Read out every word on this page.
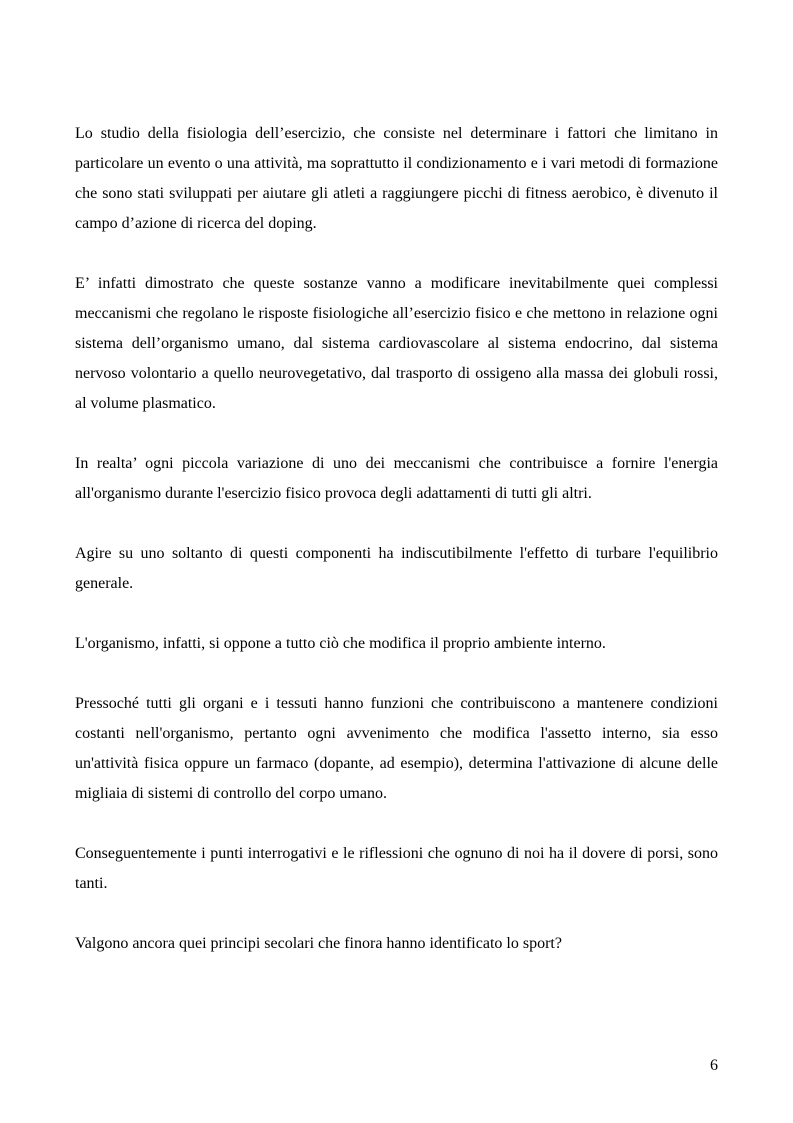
Lo studio della fisiologia dell’esercizio, che consiste nel determinare i fattori che limitano in particolare un evento o una attività, ma soprattutto il condizionamento e i vari metodi di formazione che sono stati sviluppati per aiutare gli atleti a raggiungere picchi di fitness aerobico, è divenuto il campo d’azione di ricerca del doping.

E’ infatti dimostrato che queste sostanze vanno a modificare inevitabilmente quei complessi meccanismi che regolano le risposte fisiologiche all’esercizio fisico e che mettono in relazione ogni sistema dell’organismo umano, dal sistema cardiovascolare al sistema endocrino, dal sistema nervoso volontario a quello neurovegetativo, dal trasporto di ossigeno alla massa dei globuli rossi, al volume plasmatico.

In realta’ ogni piccola variazione di uno dei meccanismi che contribuisce a fornire l'energia all'organismo durante l'esercizio fisico provoca degli adattamenti di tutti gli altri.

Agire su uno soltanto di questi componenti ha indiscutibilmente l'effetto di turbare l'equilibrio generale.

L'organismo, infatti, si oppone a tutto ciò che modifica il proprio ambiente interno.

Pressoché tutti gli organi e i tessuti hanno funzioni che contribuiscono a mantenere condizioni costanti nell'organismo, pertanto ogni avvenimento che modifica l'assetto interno, sia esso un'attività fisica oppure un farmaco (dopante, ad esempio), determina l'attivazione di alcune delle migliaia di sistemi di controllo del corpo umano.

Conseguentemente i punti interrogativi e le riflessioni che ognuno di noi ha il dovere di porsi, sono tanti.

Valgono ancora quei principi secolari che finora hanno identificato lo sport?

6
